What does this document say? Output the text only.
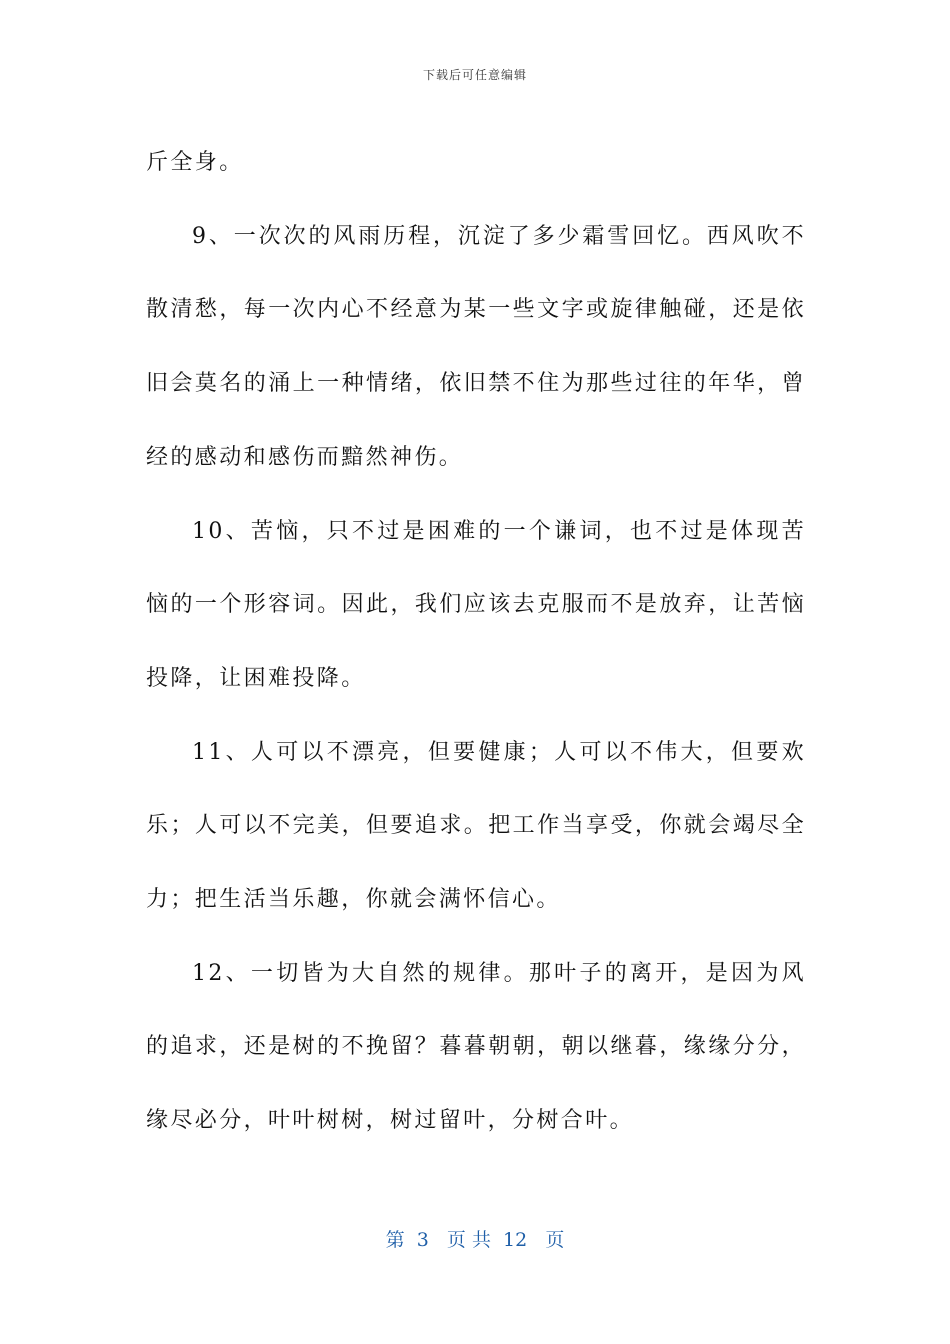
下载后可任意编辑

斤全身。

9、一次次的风雨历程，沉淀了多少霜雪回忆。西风吹不散清愁，每一次内心不经意为某一些文字或旋律触碰，还是依旧会莫名的涌上一种情绪，依旧禁不住为那些过往的年华，曾经的感动和感伤而黯然神伤。

10、苦恼，只不过是困难的一个谦词，也不过是体现苦恼的一个形容词。因此，我们应该去克服而不是放弃，让苦恼投降，让困难投降。

11、人可以不漂亮，但要健康；人可以不伟大，但要欢乐；人可以不完美，但要追求。把工作当享受，你就会竭尽全力；把生活当乐趣，你就会满怀信心。

12、一切皆为大自然的规律。那叶子的离开，是因为风的追求，还是树的不挽留？暮暮朝朝，朝以继暮，缘缘分分，缘尽必分，叶叶树树，树过留叶，分树合叶。

第  3   页 共  12   页
